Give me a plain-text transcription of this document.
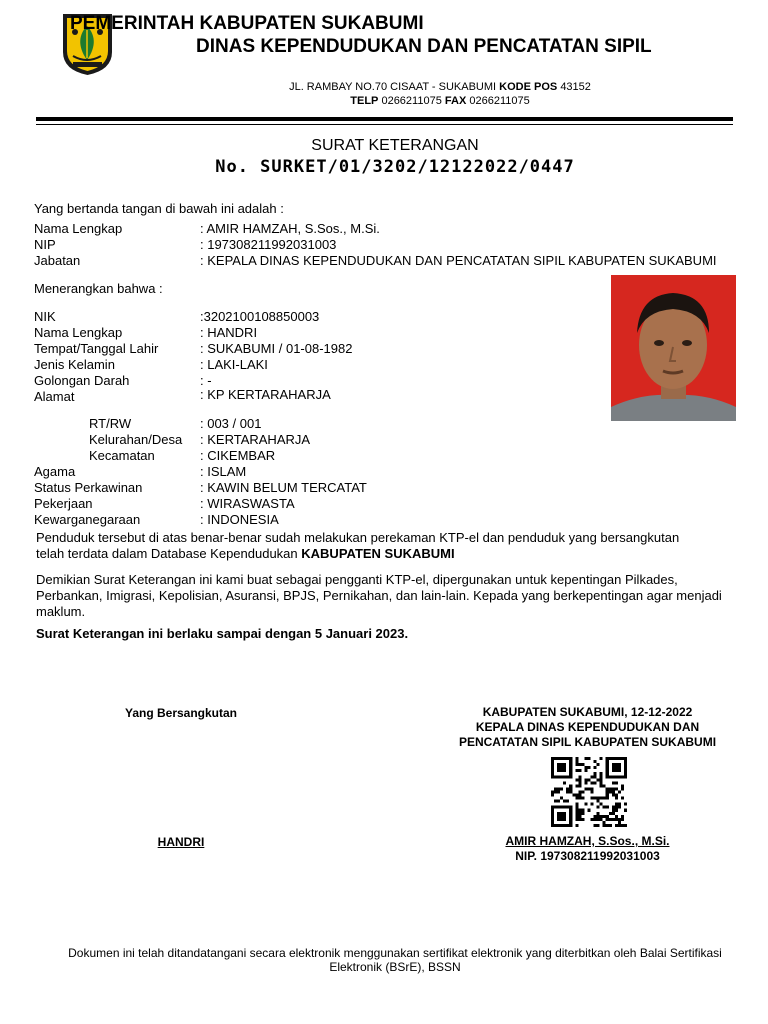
PEMERINTAH KABUPATEN SUKABUMI
DINAS KEPENDUDUKAN DAN PENCATATAN SIPIL
JL. RAMBAY NO.70 CISAAT - SUKABUMI KODE POS 43152
TELP 0266211075 FAX 0266211075
SURAT KETERANGAN
No. SURKET/01/3202/12122022/0447
Yang bertanda tangan di bawah ini adalah :
Nama Lengkap	: AMIR HAMZAH, S.Sos., M.Si.
NIP	: 197308211992031003
Jabatan	: KEPALA DINAS KEPENDUDUKAN DAN PENCATATAN SIPIL KABUPATEN SUKABUMI
Menerangkan bahwa :
NIK	:3202100108850003
Nama Lengkap	: HANDRI
Tempat/Tanggal Lahir	: SUKABUMI / 01-08-1982
Jenis Kelamin	: LAKI-LAKI
Golongan Darah	: -
Alamat	: KP KERTARAHARJA
RT/RW	: 003 / 001
Kelurahan/Desa : KERTARAHARJA
Kecamatan	: CIKEMBAR
Agama	: ISLAM
Status Perkawinan	: KAWIN BELUM TERCATAT
Pekerjaan	: WIRASWASTA
Kewarganegaraan	: INDONESIA
Penduduk tersebut di atas benar-benar sudah melakukan perekaman KTP-el dan penduduk yang bersangkutan
telah terdata dalam Database Kependudukan KABUPATEN SUKABUMI
Demikian Surat Keterangan ini kami buat sebagai pengganti KTP-el, dipergunakan untuk kepentingan Pilkades, Perbankan, Imigrasi, Kepolisian, Asuransi, BPJS, Pernikahan, dan lain-lain. Kepada yang berkepentingan agar menjadi maklum.
Surat Keterangan ini berlaku sampai dengan 5 Januari 2023.
Yang Bersangkutan	KABUPATEN SUKABUMI, 12-12-2022
KEPALA DINAS KEPENDUDUKAN DAN
PENCATATAN SIPIL KABUPATEN SUKABUMI
HANDRI	AMIR HAMZAH, S.Sos., M.Si.
NIP. 197308211992031003
Dokumen ini telah ditandatangani secara elektronik menggunakan sertifikat elektronik yang diterbitkan oleh Balai Sertifikasi
Elektronik (BSrE), BSSN
